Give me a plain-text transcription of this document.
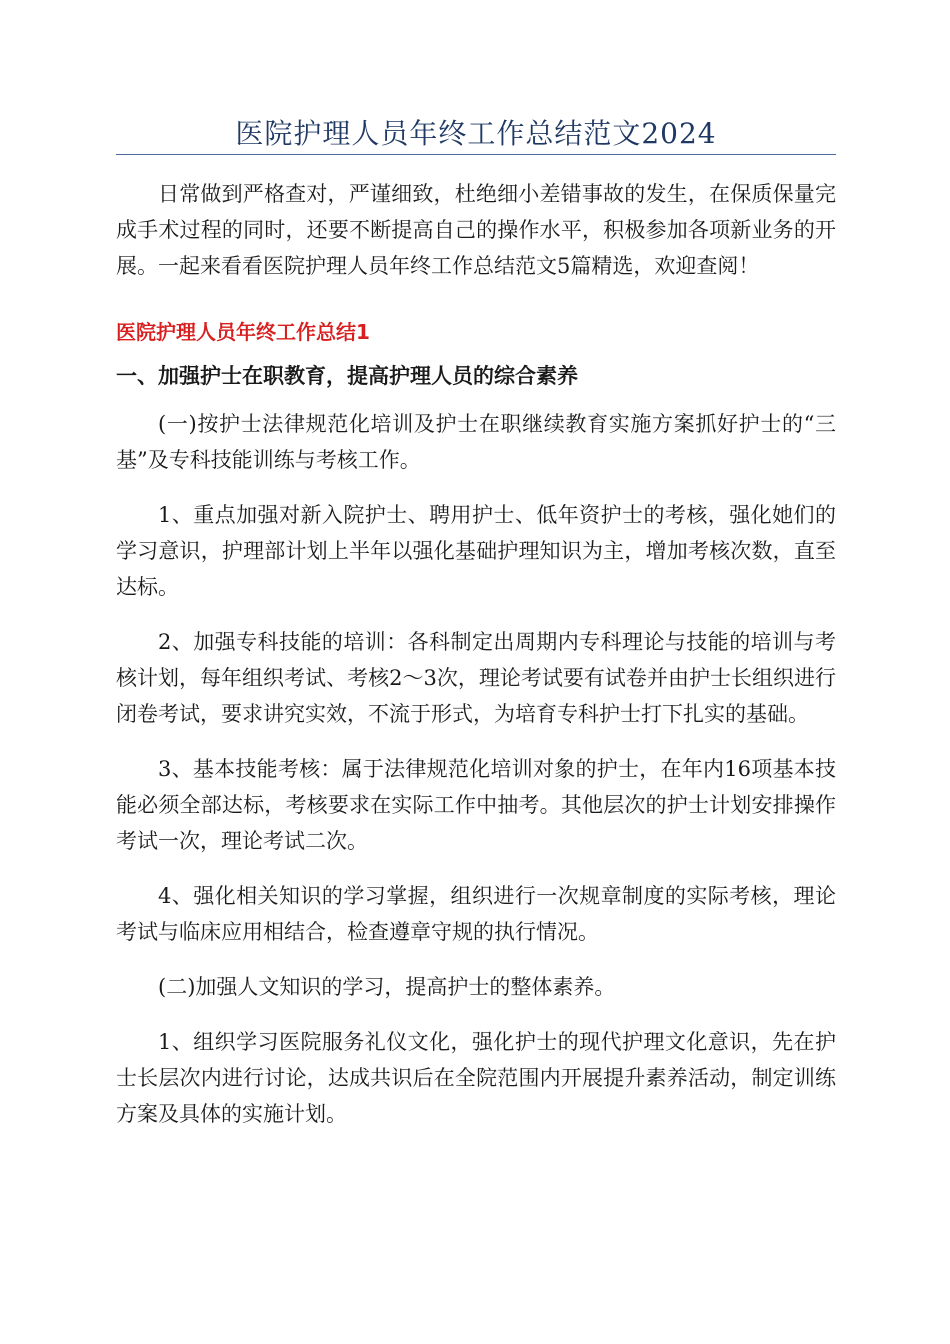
医院护理人员年终工作总结范文2024

日常做到严格查对，严谨细致，杜绝细小差错事故的发生，在保质保量完成手术过程的同时，还要不断提高自己的操作水平，积极参加各项新业务的开展。一起来看看医院护理人员年终工作总结范文5篇精选，欢迎查阅！

医院护理人员年终工作总结1

一、加强护士在职教育，提高护理人员的综合素养

(一)按护士法律规范化培训及护士在职继续教育实施方案抓好护士的“三基”及专科技能训练与考核工作。

1、重点加强对新入院护士、聘用护士、低年资护士的考核，强化她们的学习意识，护理部计划上半年以强化基础护理知识为主，增加考核次数，直至达标。

2、加强专科技能的培训：各科制定出周期内专科理论与技能的培训与考核计划，每年组织考试、考核2～3次，理论考试要有试卷并由护士长组织进行闭卷考试，要求讲究实效，不流于形式，为培育专科护士打下扎实的基础。

3、基本技能考核：属于法律规范化培训对象的护士，在年内16项基本技能必须全部达标，考核要求在实际工作中抽考。其他层次的护士计划安排操作考试一次，理论考试二次。

4、强化相关知识的学习掌握，组织进行一次规章制度的实际考核，理论考试与临床应用相结合，检查遵章守规的执行情况。

(二)加强人文知识的学习，提高护士的整体素养。

1、组织学习医院服务礼仪文化，强化护士的现代护理文化意识，先在护士长层次内进行讨论，达成共识后在全院范围内开展提升素养活动，制定训练方案及具体的实施计划。
